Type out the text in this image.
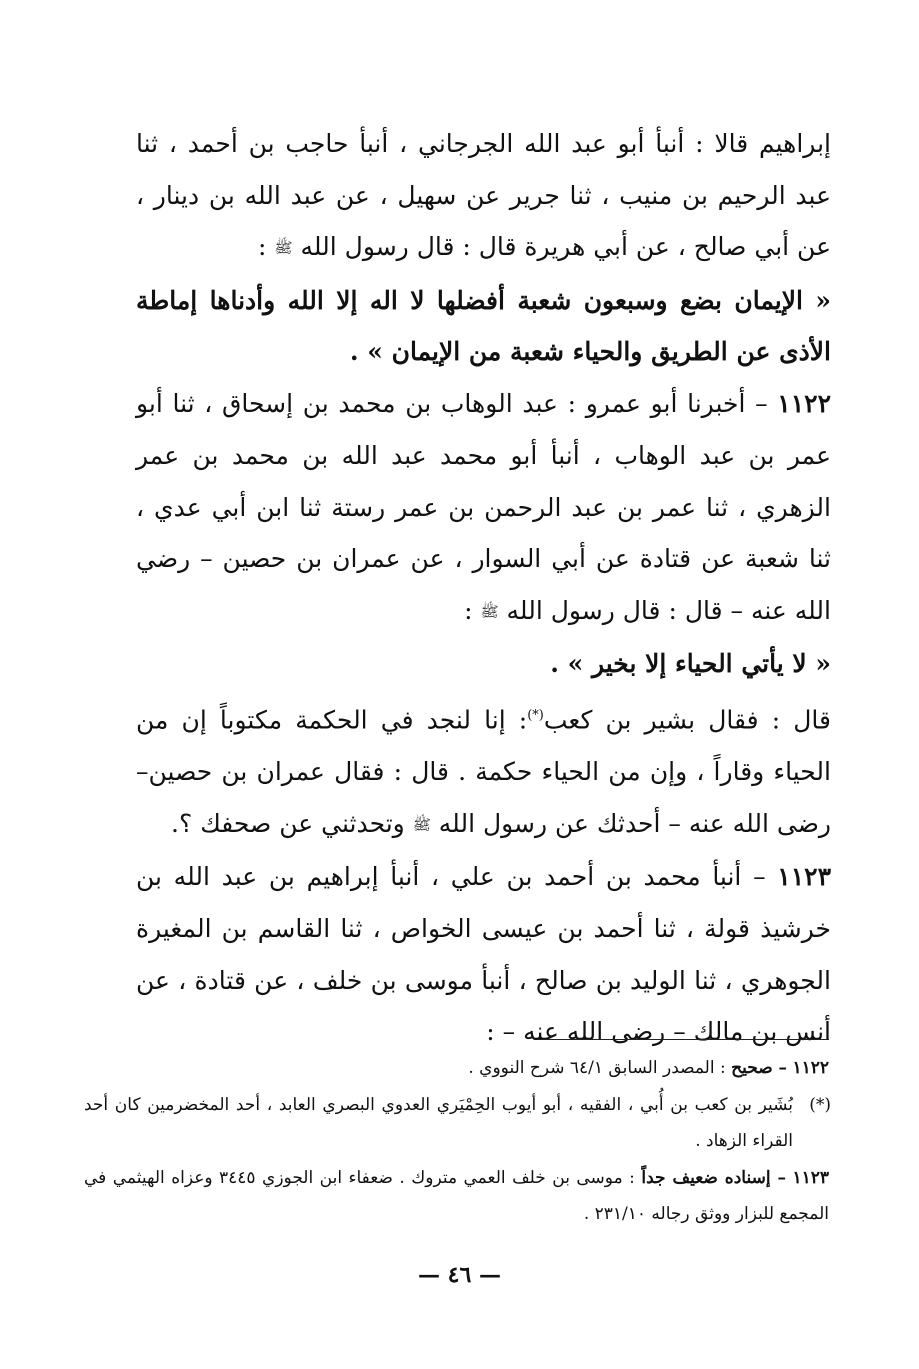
إبراهيم قالا : أنبأ أبو عبد الله الجرجاني ، أنبأ حاجب بن أحمد ، ثنا عبد الرحيم بن منيب ، ثنا جرير عن سهيل ، عن عبد الله بن دينار ، عن أبي صالح ، عن أبي هريرة قال : قال رسول الله ﷺ :

« الإيمان بضع وسبعون شعبة أفضلها لا اله إلا الله وأدناها إماطة الأذى عن الطريق والحياء شعبة من الإيمان » .

١١٢٢ – أخبرنا أبو عمرو : عبد الوهاب بن محمد بن إسحاق ، ثنا أبو عمر بن عبد الوهاب ، أنبأ أبو محمد عبد الله بن محمد بن عمر الزهري ، ثنا عمر بن عبد الرحمن بن عمر رستة ثنا ابن أبي عدي ، ثنا شعبة عن قتادة عن أبي السوار ، عن عمران بن حصين – رضي الله عنه – قال : قال رسول الله ﷺ :

« لا يأتي الحياء إلا بخير » .

قال : فقال بشير بن كعب(*): إنا لنجد في الحكمة مكتوباً إن من الحياء وقاراً ، وإن من الحياء حكمة . قال : فقال عمران بن حصين– رضى الله عنه – أحدثك عن رسول الله ﷺ وتحدثني عن صحفك ؟.

١١٢٣ – أنبأ محمد بن أحمد بن علي ، أنبأ إبراهيم بن عبد الله بن خرشيذ قولة ، ثنا أحمد بن عيسى الخواص ، ثنا القاسم بن المغيرة الجوهري ، ثنا الوليد بن صالح ، أنبأ موسى بن خلف ، عن قتادة ، عن أنس بن مالك – رضى الله عنه – :

١١٢٢ – صحيح : المصدر السابق ٦٤/١ شرح النووي .

(*)
بُشَير بن كعب بن أُبي ، الفقيه ، أبو أيوب الحِمْيَري العدوي البصري العابد ، أحد المخضرمين كان أحد القراء الزهاد .

١١٢٣ – إسناده ضعيف جداً : موسى بن خلف العمي متروك . ضعفاء ابن الجوزي ٣٤٤٥ وعزاه الهيثمي في المجمع للبزار ووثق رجاله ٢٣١/١٠ .

— ٤٦ —
